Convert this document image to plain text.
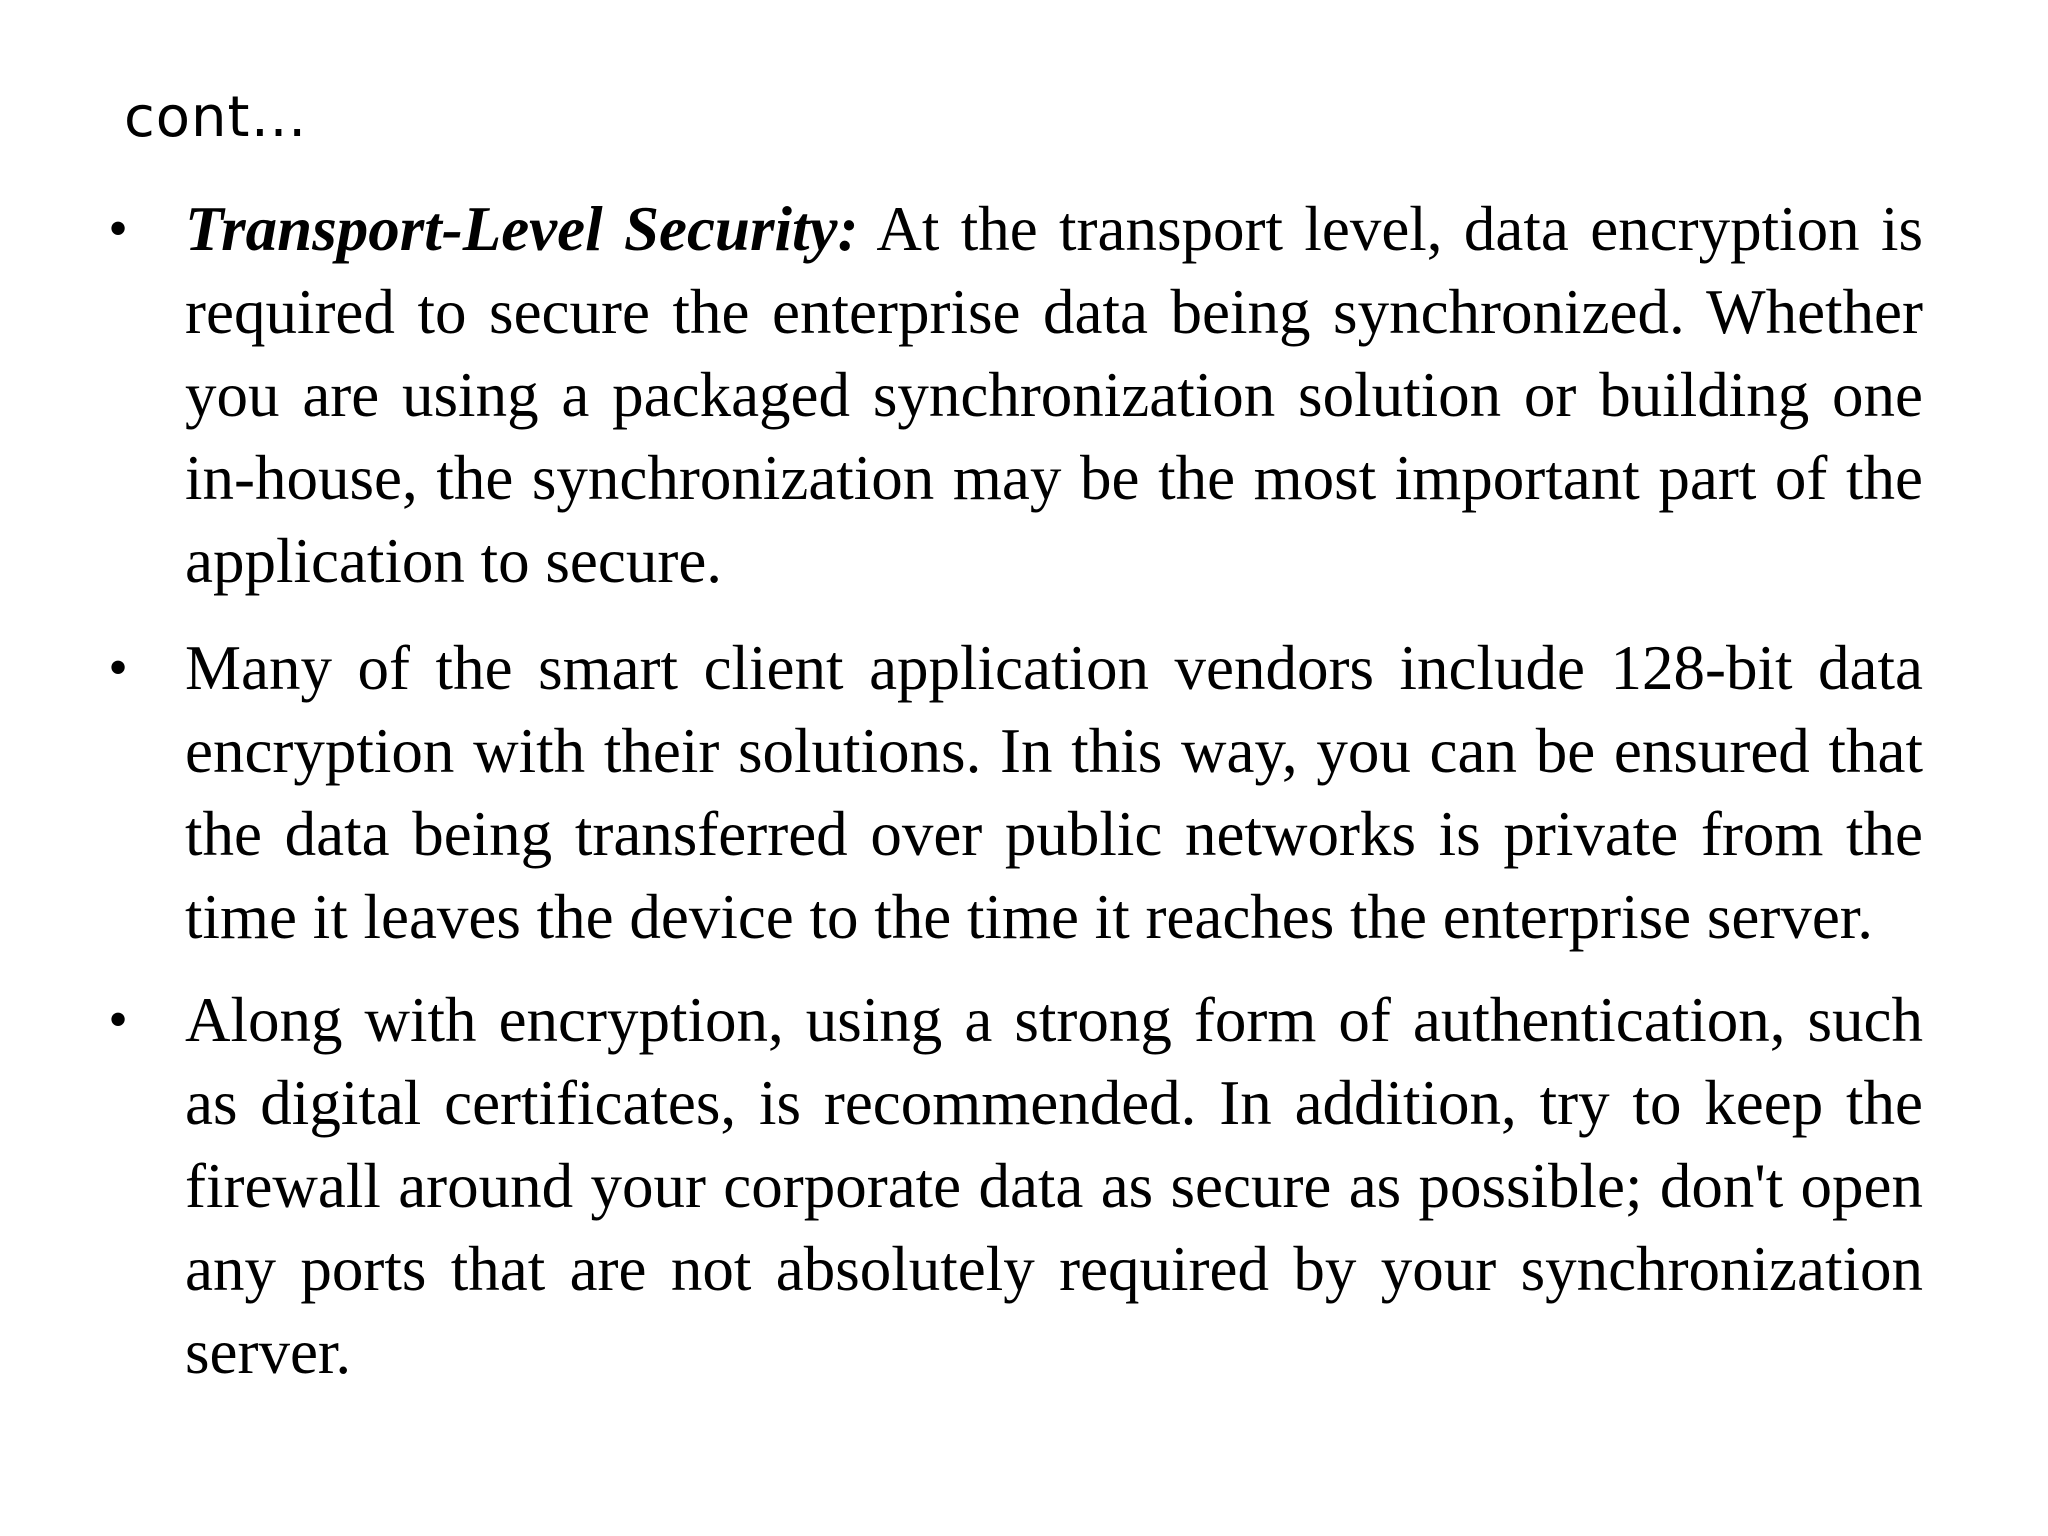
cont…
• Transport-Level Security: At the transport level, data encryption is required to secure the enterprise data being synchronized. Whether you are using a packaged synchronization solution or building one in-house, the synchronization may be the most important part of the application to secure.

• Many of the smart client application vendors include 128-bit data encryption with their solutions. In this way, you can be ensured that the data being transferred over public networks is private from the time it leaves the device to the time it reaches the enterprise server.

• Along with encryption, using a strong form of authentication, such as digital certificates, is recommended. In addition, try to keep the firewall around your corporate data as secure as possible; don't open any ports that are not absolutely required by your synchronization server.
